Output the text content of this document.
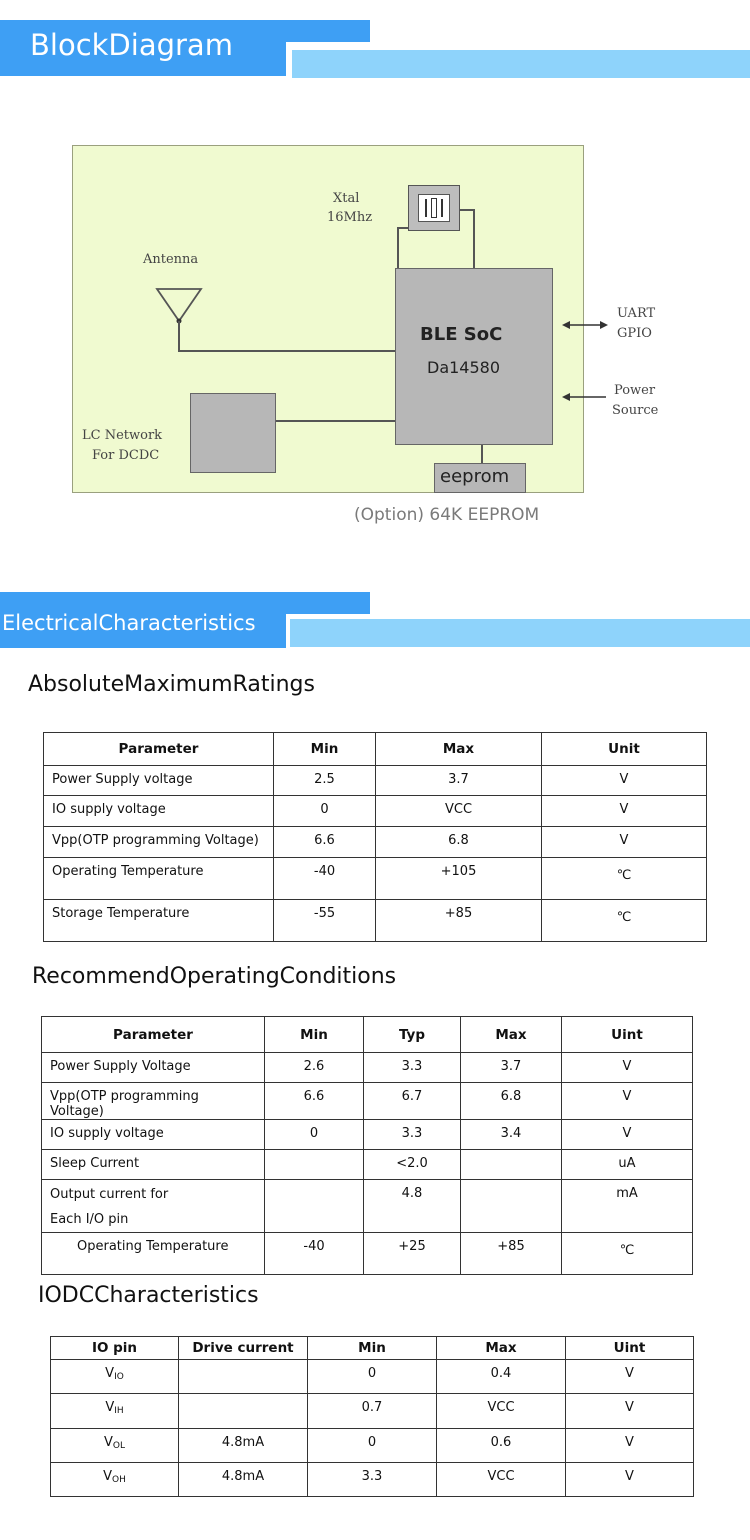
BlockDiagram
BLE SoC
Da14580
eeprom
Xtal
16Mhz
Antenna
UART
GPIO
Power
Source
LC Network
For DCDC
(Option) 64K EEPROM
ElectricalCharacteristics
AbsoluteMaximumRatings
Parameter	Min	Max	Unit
Power Supply voltage	2.5	3.7	V
IO supply voltage	0	VCC	V
Vpp(OTP programming Voltage)	6.6	6.8	V
Operating Temperature	-40	+105	℃
Storage Temperature	-55	+85	℃
RecommendOperatingConditions
Parameter	Min	Typ	Max	Uint
Power Supply Voltage	2.6	3.3	3.7	V
Vpp(OTP programming Voltage)	6.6	6.7	6.8	V
IO supply voltage	0	3.3	3.4	V
Sleep Current		<2.0		uA

Output current for
Each I/O pin		4.8		mA
Operating Temperature	-40	+25	+85	℃
IODCCharacteristics
IO pin	Drive current	Min	Max	Uint
$V_{IO}$		0	0.4	V
$V_{IH}$		0.7	VCC	V
$V_{OL}$	4.8mA	0	0.6	V
$V_{OH}$	4.8mA	3.3	VCC	V
